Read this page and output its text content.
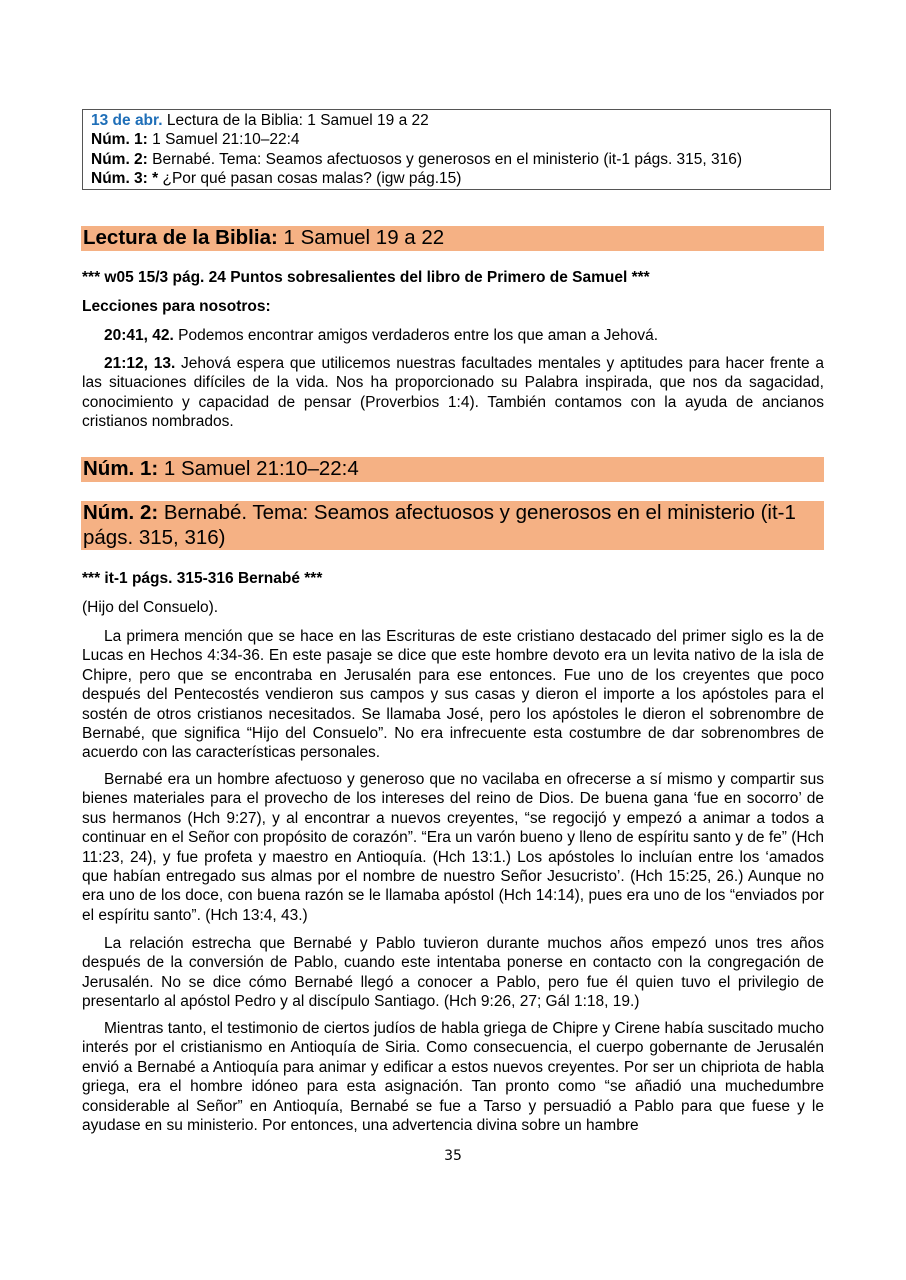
13 de abr. Lectura de la Biblia: 1 Samuel 19 a 22
Núm. 1: 1 Samuel 21:10–22:4
Núm. 2: Bernabé. Tema: Seamos afectuosos y generosos en el ministerio (it-1 págs. 315, 316)
Núm. 3: * ¿Por qué pasan cosas malas? (igw pág.15)
Lectura de la Biblia: 1 Samuel 19 a 22

*** w05 15/3 pág. 24 Puntos sobresalientes del libro de Primero de Samuel ***

Lecciones para nosotros:

20:41, 42. Podemos encontrar amigos verdaderos entre los que aman a Jehová.

21:12, 13. Jehová espera que utilicemos nuestras facultades mentales y aptitudes para hacer frente a las situaciones difíciles de la vida. Nos ha proporcionado su Palabra inspirada, que nos da sagacidad, conocimiento y capacidad de pensar (Proverbios 1:4). También contamos con la ayuda de ancianos cristianos nombrados.

Núm. 1: 1 Samuel 21:10–22:4
Núm. 2: Bernabé. Tema: Seamos afectuosos y generosos en el ministerio (it-1 págs. 315, 316)

*** it-1 págs. 315-316 Bernabé ***

(Hijo del Consuelo).

La primera mención que se hace en las Escrituras de este cristiano destacado del primer siglo es la de Lucas en Hechos 4:34-36. En este pasaje se dice que este hombre devoto era un levita nativo de la isla de Chipre, pero que se encontraba en Jerusalén para ese entonces. Fue uno de los creyentes que poco después del Pentecostés vendieron sus campos y sus casas y dieron el importe a los apóstoles para el sostén de otros cristianos necesitados. Se llamaba José, pero los apóstoles le dieron el sobrenombre de Bernabé, que significa “Hijo del Consuelo”. No era infrecuente esta costumbre de dar sobrenombres de acuerdo con las características personales.

Bernabé era un hombre afectuoso y generoso que no vacilaba en ofrecerse a sí mismo y compartir sus bienes materiales para el provecho de los intereses del reino de Dios. De buena gana ‘fue en socorro’ de sus hermanos (Hch 9:27), y al encontrar a nuevos creyentes, “se regocijó y empezó a animar a todos a continuar en el Señor con propósito de corazón”. “Era un varón bueno y lleno de espíritu santo y de fe” (Hch 11:23, 24), y fue profeta y maestro en Antioquía. (Hch 13:1.) Los apóstoles lo incluían entre los ‘amados que habían entregado sus almas por el nombre de nuestro Señor Jesucristo’. (Hch 15:25, 26.) Aunque no era uno de los doce, con buena razón se le llamaba apóstol (Hch 14:14), pues era uno de los “enviados por el espíritu santo”. (Hch 13:4, 43.)

La relación estrecha que Bernabé y Pablo tuvieron durante muchos años empezó unos tres años después de la conversión de Pablo, cuando este intentaba ponerse en contacto con la congregación de Jerusalén. No se dice cómo Bernabé llegó a conocer a Pablo, pero fue él quien tuvo el privilegio de presentarlo al apóstol Pedro y al discípulo Santiago. (Hch 9:26, 27; Gál 1:18, 19.)

Mientras tanto, el testimonio de ciertos judíos de habla griega de Chipre y Cirene había suscitado mucho interés por el cristianismo en Antioquía de Siria. Como consecuencia, el cuerpo gobernante de Jerusalén envió a Bernabé a Antioquía para animar y edificar a estos nuevos creyentes. Por ser un chipriota de habla griega, era el hombre idóneo para esta asignación. Tan pronto como “se añadió una muchedumbre considerable al Señor” en Antioquía, Bernabé se fue a Tarso y persuadió a Pablo para que fuese y le ayudase en su ministerio. Por entonces, una advertencia divina sobre un hambre

35
